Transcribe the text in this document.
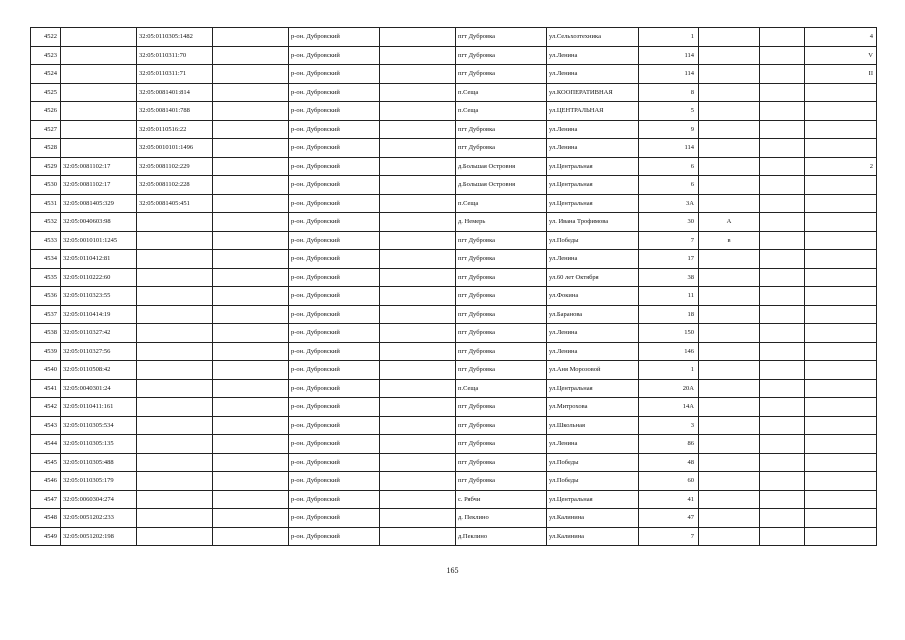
4522		32:05:0110305:1482		р-он. Дубровский		пгт Дубровка	ул.Сельхозтехника	1			4
4523		32:05:0110311:70		р-он. Дубровский		пгт Дубровка	ул.Ленина	114			V
4524		32:05:0110311:71		р-он. Дубровский		пгт Дубровка	ул.Ленина	114			II
4525		32:05:0081401:814		р-он. Дубровский		п.Сеща	ул.КООПЕРАТИВНАЯ	8			
4526		32:05:0081401:788		р-он. Дубровский		п.Сеща	ул.ЦЕНТРАЛЬНАЯ	5			
4527		32:05:0110516:22		р-он. Дубровский		пгт Дубровка	ул.Ленина	9			
4528		32:05:0010101:1496		р-он. Дубровский		пгт Дубровка	ул.Ленина	114			
4529	32:05:0081102:17	32:05:0081102:229		р-он. Дубровский		д.Большая Островня	ул.Центральная	6			2
4530	32:05:0081102:17	32:05:0081102:228		р-он. Дубровский		д.Большая Островня	ул.Центральная	6			
4531	32:05:0081405:329	32:05:0081405:451		р-он. Дубровский		п.Сеща	ул.Центральная	3А			
4532	32:05:0040603:98			р-он. Дубровский		д. Немерь	ул. Ивана Трофимова	30	А		
4533	32:05:0010101:1245			р-он. Дубровский		пгт Дубровка	ул.Победы	7	в		
4534	32:05:0110412:81			р-он. Дубровский		пгт Дубровка	ул.Ленина	17			
4535	32:05:0110222:60			р-он. Дубровский		пгт Дубровка	ул.60 лет Октября	38			
4536	32:05:0110323:55			р-он. Дубровский		пгт Дубровка	ул.Фокина	11			
4537	32:05:0110414:19			р-он. Дубровский		пгт Дубровка	ул.Баранова	18			
4538	32:05:0110327:42			р-он. Дубровский		пгт Дубровка	ул.Ленина	150			
4539	32:05:0110327:56			р-он. Дубровский		пгт Дубровка	ул.Ленина	146			
4540	32:05:0110508:42			р-он. Дубровский		пгт Дубровка	ул.Аня Морозовой	1			
4541	32:05:0040301:24			р-он. Дубровский		п.Сеща	ул.Центральная	20А			
4542	32:05:0110411:161			р-он. Дубровский		пгт Дубровка	ул.Митрохова	14А			
4543	32:05:0110305:534			р-он. Дубровский		пгт Дубровка	ул.Школьная	3			
4544	32:05:0110305:135			р-он. Дубровский		пгт Дубровка	ул.Ленина	86			
4545	32:05:0110305:488			р-он. Дубровский		пгт Дубровка	ул.Победы	48			
4546	32:05:0110305:179			р-он. Дубровский		пгт Дубровка	ул.Победы	60			
4547	32:05:0060304:274			р-он. Дубровский		с. Рябчи	ул.Центральная	41			
4548	32:05:0051202:233			р-он. Дубровский		д. Пеклино	ул.Калинина	47			
4549	32:05:0051202:198			р-он. Дубровский		д.Пеклино	ул.Калинина	7			
165
